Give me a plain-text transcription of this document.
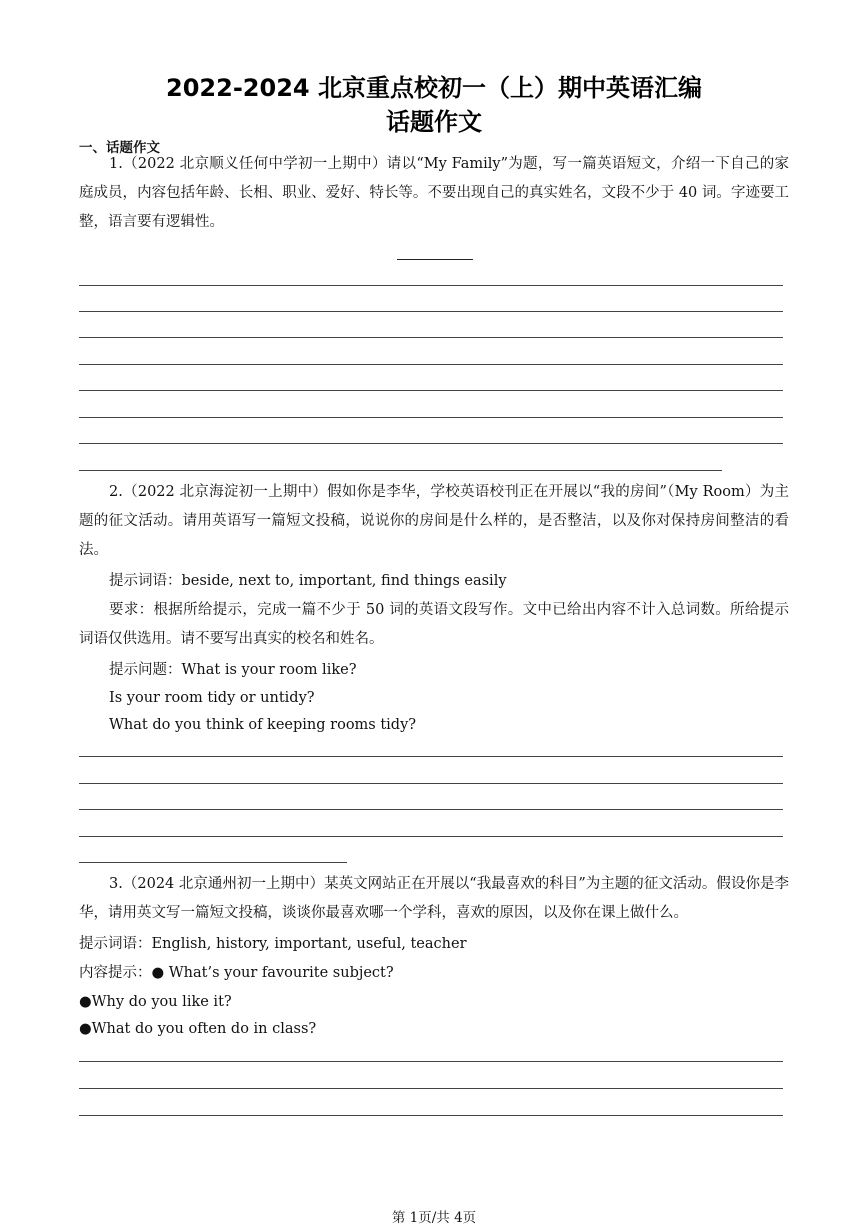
2022-2024 北京重点校初一（上）期中英语汇编
话题作文
一、话题作文
1.（2022 北京顺义任何中学初一上期中）请以“My Family”为题，写一篇英语短文，介绍一下自己的家庭成员，内容包括年龄、长相、职业、爱好、特长等。不要出现自己的真实姓名，文段不少于 40 词。字迹要工整，语言要有逻辑性。
2.（2022 北京海淀初一上期中）假如你是李华，学校英语校刊正在开展以“我的房间”（My Room）为主题的征文活动。请用英语写一篇短文投稿，说说你的房间是什么样的，是否整洁，以及你对保持房间整洁的看法。
提示词语：beside, next to, important, find things easily
要求：根据所给提示，完成一篇不少于 50 词的英语文段写作。文中已给出内容不计入总词数。所给提示词语仅供选用。请不要写出真实的校名和姓名。
提示问题：What is your room like?
Is your room tidy or untidy?
What do you think of keeping rooms tidy?
3.（2024 北京通州初一上期中）某英文网站正在开展以“我最喜欢的科目”为主题的征文活动。假设你是李华，请用英文写一篇短文投稿，谈谈你最喜欢哪一个学科，喜欢的原因，以及你在课上做什么。
提示词语：English, history, important, useful, teacher
内容提示：● What’s your favourite subject?
●Why do you like it?
●What do you often do in class?
第 1页/共 4页
